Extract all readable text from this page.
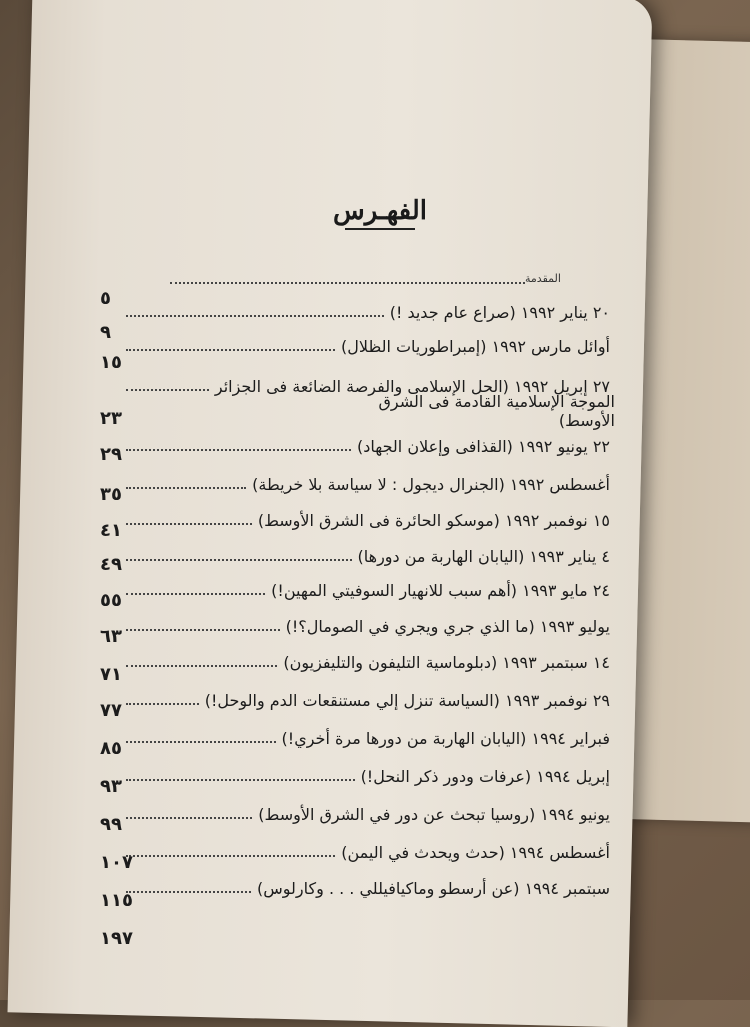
الفهـرس
المقدمة
٢٠ يناير ١٩٩٢ (صراع عام جديد !)
٥
أوائل مارس ١٩٩٢ (إمبراطوريات الظلال)
٩
٢٧ إبريل ١٩٩٢ (الحل الإسلامى والفرصة الضائعة فى الجزائر
الموجة الإسلامية القادمة فى الشرق الأوسط)
١٥
٢٢ يونيو ١٩٩٢ (القذافى وإعلان الجهاد)
٢٣
أغسطس ١٩٩٢ (الجنرال ديجول : لا سياسة بلا خريطة)
٢٩
١٥ نوفمبر ١٩٩٢ (موسكو الحائرة فى الشرق الأوسط)
٣٥
٤ يناير ١٩٩٣ (اليابان الهاربة من دورها)
٤١
٢٤ مايو ١٩٩٣ (أهم سبب للانهيار السوفيتي المهين!)
٤٩
يوليو ١٩٩٣ (ما الذي جري ويجري في الصومال؟!)
٥٥
١٤ سبتمبر ١٩٩٣ (دبلوماسية التليفون والتليفزيون)
٦٣
٢٩ نوفمبر ١٩٩٣ (السياسة تنزل إلي مستنقعات الدم والوحل!)
٧١
فبراير ١٩٩٤ (اليابان الهاربة من دورها مرة أخري!)
٧٧
إبريل ١٩٩٤ (عرفات ودور ذكر النحل!)
٨٥
يونيو ١٩٩٤ (روسيا تبحث عن دور في الشرق الأوسط)
٩٣
أغسطس ١٩٩٤ (حدث ويحدث في اليمن)
٩٩
سبتمبر ١٩٩٤ (عن أرسطو وماكيافيللي . . . وكارلوس)
١٠٧
١١٥
١٩٧
